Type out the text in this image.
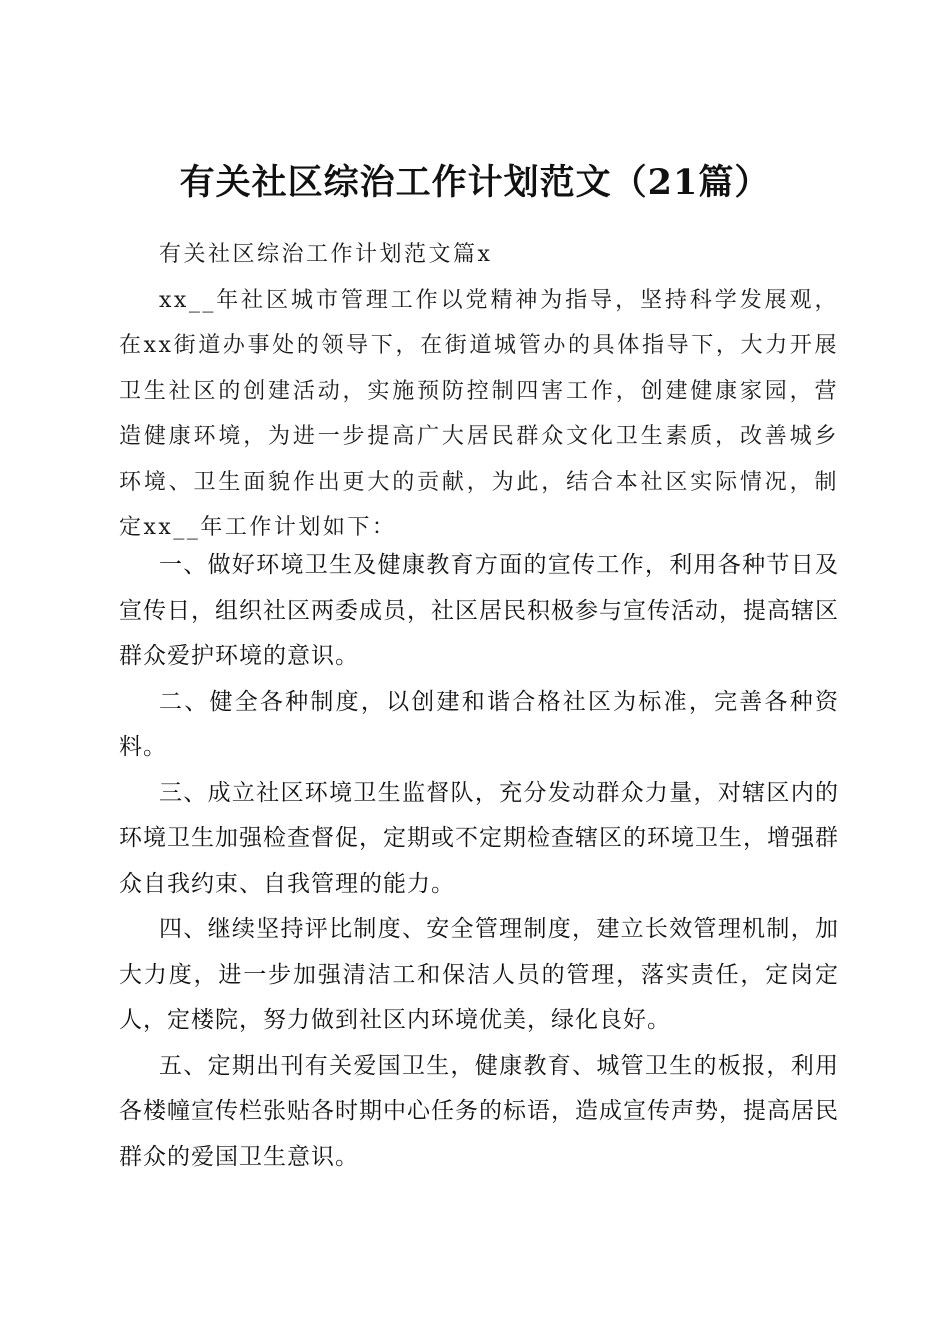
有关社区综治工作计划范文（21篇）

有关社区综治工作计划范文篇x

xx__年社区城市管理工作以党精神为指导，坚持科学发展观，在xx街道办事处的领导下，在街道城管办的具体指导下，大力开展卫生社区的创建活动，实施预防控制四害工作，创建健康家园，营造健康环境，为进一步提高广大居民群众文化卫生素质，改善城乡环境、卫生面貌作出更大的贡献，为此，结合本社区实际情况，制定xx__年工作计划如下：

一、做好环境卫生及健康教育方面的宣传工作，利用各种节日及宣传日，组织社区两委成员，社区居民积极参与宣传活动，提高辖区群众爱护环境的意识。

二、健全各种制度，以创建和谐合格社区为标准，完善各种资料。

三、成立社区环境卫生监督队，充分发动群众力量，对辖区内的环境卫生加强检查督促，定期或不定期检查辖区的环境卫生，增强群众自我约束、自我管理的能力。

四、继续坚持评比制度、安全管理制度，建立长效管理机制，加大力度，进一步加强清洁工和保洁人员的管理，落实责任，定岗定人，定楼院，努力做到社区内环境优美，绿化良好。

五、定期出刊有关爱国卫生，健康教育、城管卫生的板报，利用各楼幢宣传栏张贴各时期中心任务的标语，造成宣传声势，提高居民群众的爱国卫生意识。
